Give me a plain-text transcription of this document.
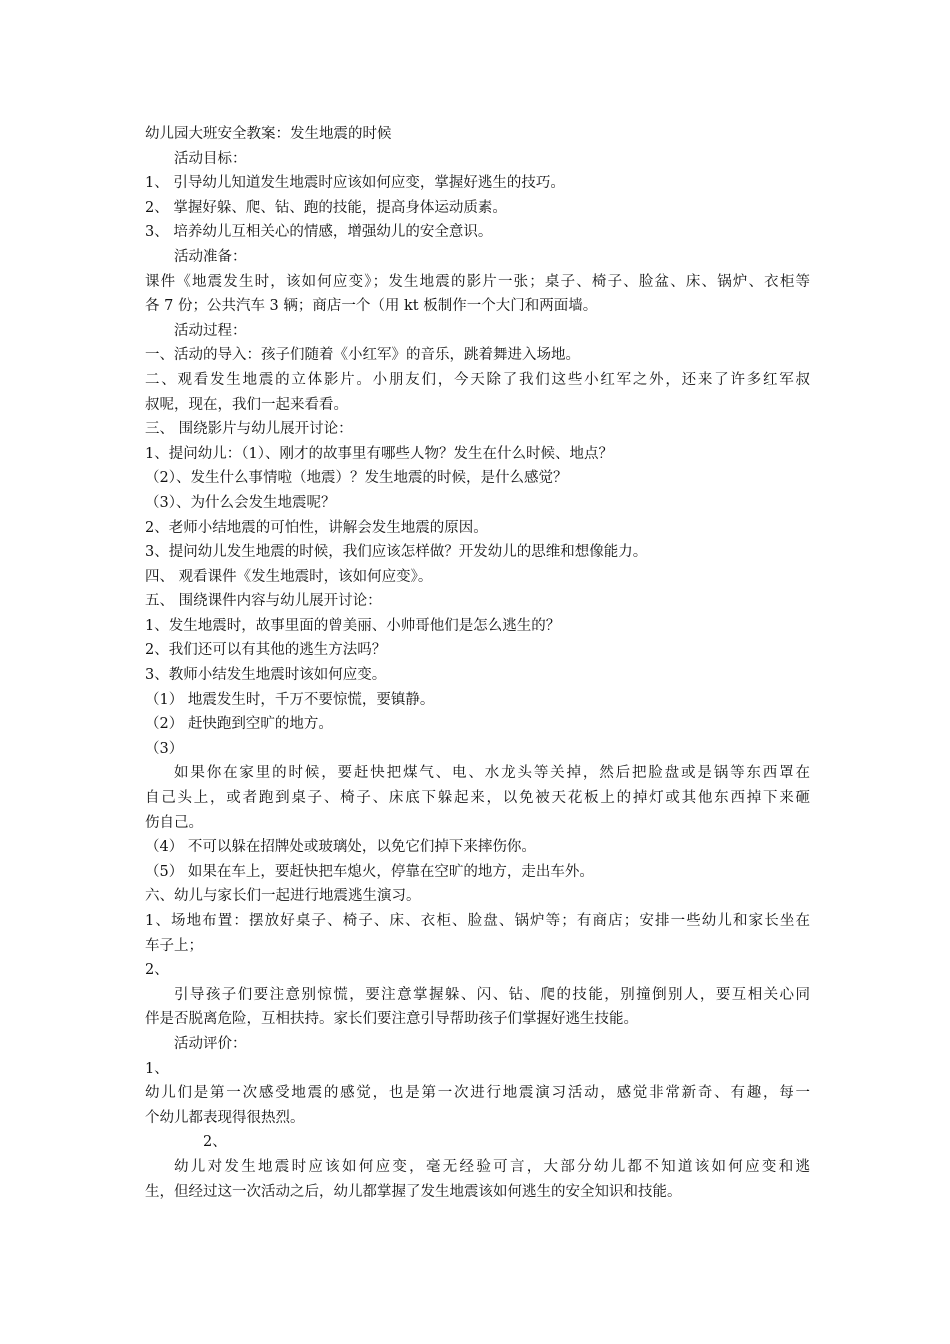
幼儿园大班安全教案：发生地震的时候
活动目标：
1、 引导幼儿知道发生地震时应该如何应变，掌握好逃生的技巧。
2、 掌握好躲、爬、钻、跑的技能，提高身体运动质素。
3、 培养幼儿互相关心的情感，增强幼儿的安全意识。
活动准备：
课件《地震发生时，该如何应变》；发生地震的影片一张；桌子、椅子、脸盆、床、锅炉、衣柜等
各 7 份；公共汽车 3 辆；商店一个（用 kt 板制作一个大门和两面墙。
活动过程：
一、活动的导入：孩子们随着《小红军》的音乐，跳着舞进入场地。
二、观看发生地震的立体影片。小朋友们，今天除了我们这些小红军之外，还来了许多红军叔
叔呢，现在，我们一起来看看。
三、 围绕影片与幼儿展开讨论：
1、提问幼儿：（1）、刚才的故事里有哪些人物？发生在什么时候、地点？
（2）、发生什么事情啦（地震）？发生地震的时候，是什么感觉？
（3）、为什么会发生地震呢？
2、老师小结地震的可怕性，讲解会发生地震的原因。
3、提问幼儿发生地震的时候，我们应该怎样做？开发幼儿的思维和想像能力。
四、 观看课件《发生地震时，该如何应变》。
五、 围绕课件内容与幼儿展开讨论：
1、发生地震时，故事里面的曾美丽、小帅哥他们是怎么逃生的？
2、我们还可以有其他的逃生方法吗？
3、教师小结发生地震时该如何应变。
（1） 地震发生时，千万不要惊慌，要镇静。
（2） 赶快跑到空旷的地方。
（3）
如果你在家里的时候，要赶快把煤气、电、水龙头等关掉，然后把脸盘或是锅等东西罩在
自己头上，或者跑到桌子、椅子、床底下躲起来，以免被天花板上的掉灯或其他东西掉下来砸
伤自己。
（4） 不可以躲在招牌处或玻璃处，以免它们掉下来摔伤你。
（5） 如果在车上，要赶快把车熄火，停靠在空旷的地方，走出车外。
六、幼儿与家长们一起进行地震逃生演习。
1、场地布置：摆放好桌子、椅子、床、衣柜、脸盘、锅炉等；有商店；安排一些幼儿和家长坐在
车子上；
2、
引导孩子们要注意别惊慌，要注意掌握躲、闪、钻、爬的技能，别撞倒别人，要互相关心同
伴是否脱离危险，互相扶持。家长们要注意引导帮助孩子们掌握好逃生技能。
活动评价：
1、
幼儿们是第一次感受地震的感觉，也是第一次进行地震演习活动，感觉非常新奇、有趣，每一
个幼儿都表现得很热烈。
2、
幼儿对发生地震时应该如何应变，毫无经验可言，大部分幼儿都不知道该如何应变和逃
生，但经过这一次活动之后，幼儿都掌握了发生地震该如何逃生的安全知识和技能。
